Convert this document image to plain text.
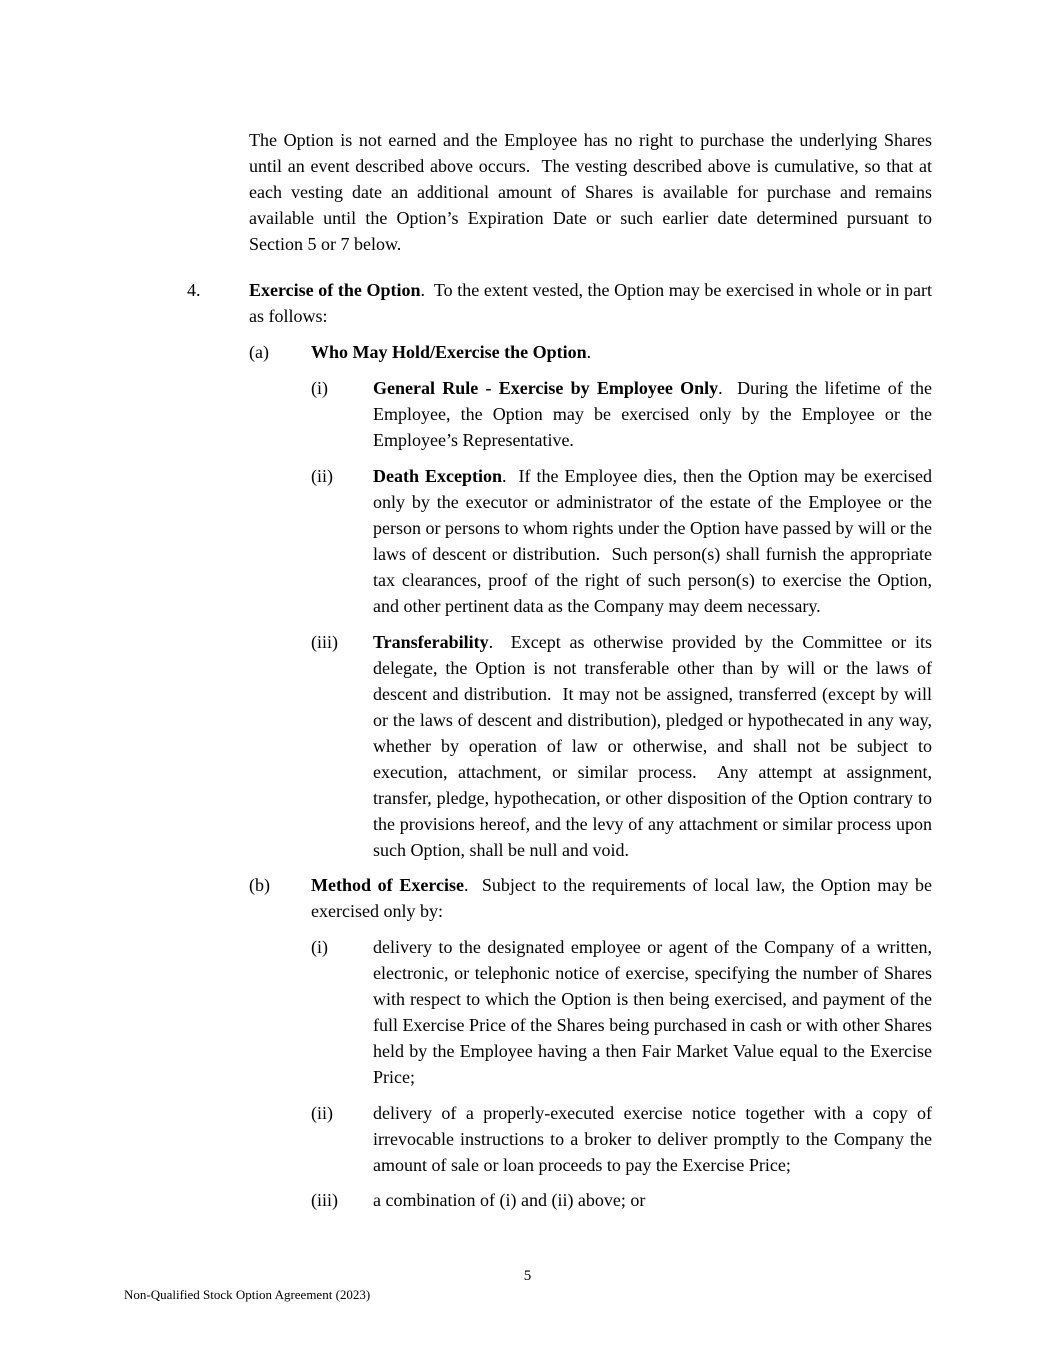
The Option is not earned and the Employee has no right to purchase the underlying Shares until an event described above occurs.  The vesting described above is cumulative, so that at each vesting date an additional amount of Shares is available for purchase and remains available until the Option’s Expiration Date or such earlier date determined pursuant to Section 5 or 7 below.

4.	Exercise of the Option.  To the extent vested, the Option may be exercised in whole or in part as follows:

(a) Who May Hold/Exercise the Option.

(i)	General Rule - Exercise by Employee Only.  During the lifetime of the Employee, the Option may be exercised only by the Employee or the Employee’s Representative.

(ii) Death Exception.  If the Employee dies, then the Option may be exercised only by the executor or administrator of the estate of the Employee or the person or persons to whom rights under the Option have passed by will or the laws of descent or distribution.  Such person(s) shall furnish the appropriate tax clearances, proof of the right of such person(s) to exercise the Option, and other pertinent data as the Company may deem necessary.

(iii) Transferability.  Except as otherwise provided by the Committee or its delegate, the Option is not transferable other than by will or the laws of descent and distribution.  It may not be assigned, transferred (except by will or the laws of descent and distribution), pledged or hypothecated in any way, whether by operation of law or otherwise, and shall not be subject to execution, attachment, or similar process.  Any attempt at assignment, transfer, pledge, hypothecation, or other disposition of the Option contrary to the provisions hereof, and the levy of any attachment or similar process upon such Option, shall be null and void.

(b) Method of Exercise.  Subject to the requirements of local law, the Option may be exercised only by:

(i)	delivery to the designated employee or agent of the Company of a written, electronic, or telephonic notice of exercise, specifying the number of Shares with respect to which the Option is then being exercised, and payment of the full Exercise Price of the Shares being purchased in cash or with other Shares held by the Employee having a then Fair Market Value equal to the Exercise Price;

(ii) delivery of a properly-executed exercise notice together with a copy of irrevocable instructions to a broker to deliver promptly to the Company the amount of sale or loan proceeds to pay the Exercise Price;

(iii) a combination of (i) and (ii) above; or

5
Non-Qualified Stock Option Agreement (2023)
